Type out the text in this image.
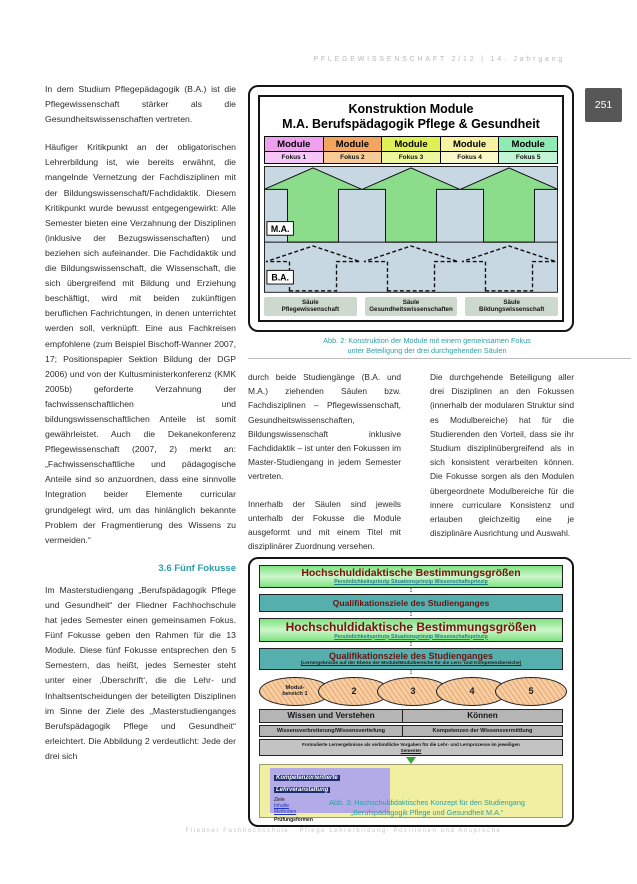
PFLEGEWISSENSCHAFT 2/12 | 14. Jahrgang
251

In dem Studium Pflegepädagogik (B.A.) ist die Pflegewissenschaft stärker als die Gesundheitswissenschaften vertreten.

Häufiger Kritikpunkt an der obligatorischen Lehrerbildung ist, wie bereits erwähnt, die mangelnde Vernetzung der Fachdisziplinen mit der Bildungswissenschaft/Fachdidaktik. Diesem Kritikpunkt wurde bewusst entgegengewirkt: Alle Semester bieten eine Verzahnung der Disziplinen (inklusive der Bezugswissenschaften) und beziehen sich aufeinander. Die Fachdidaktik und die Bildungswissenschaft, die Wissenschaft, die sich übergreifend mit Bildung und Erziehung beschäftigt, wird mit beiden zukünftigen beruflichen Fachrichtungen, in denen unterrichtet werden soll, verknüpft. Eine aus Fachkreisen empfohlene (zum Beispiel Bischoff-Wanner 2007, 17; Positionspapier Sektion Bildung der DGP 2006) und von der Kultusministerkonferenz (KMK 2005b) geforderte Verzahnung der fachwissenschaftlichen und bildungswissenschaftlichen Anteile ist somit gewährleistet. Auch die Dekanekonferenz Pflegewissenschaft (2007, 2) merkt an: „Fachwissenschaftliche und pädagogische Anteile sind so anzuordnen, dass eine sinnvolle Integration beider Elemente curricular grundgelegt wird, um das hinlänglich bekannte Problem der Fragmentierung des Wissens zu vermeiden.“

3.6 Fünf Fokusse

Im Masterstudiengang „Berufspädagogik Pflege und Gesundheit“ der Fliedner Fachhochschule hat jedes Semester einen gemeinsamen Fokus. Fünf Fokusse geben den Rahmen für die 13 Module. Diese fünf Fokusse entsprechen den 5 Semestern, das heißt, jedes Semester steht unter einer ‚Überschrift‘, die die Lehr- und Inhaltsentscheidungen der beteiligten Disziplinen im Sinne der Ziele des „Masterstudienganges Berufspädagogik Pflege und Gesundheit“ erleichtert. Die Abbildung 2 verdeutlicht: Jede der drei sich

Konstruktion Module
M.A. Berufspädagogik Pflege & Gesundheit
Module
Fokus 1
Module
Fokus 2
Module
Fokus 3
Module
Fokus 4
Module
Fokus 5
M.A.
B.A.
Säule
Pflegewissenschaft
Säule
Gesundheitswissenschaften
Säule
Bildungswissenschaft
Abb. 2: Konstruktion der Module mit einem gemeinsamen Fokus
unter Beteiligung der drei durchgehenden Säulen

durch beide Studiengänge (B.A. und M.A.) ziehenden Säulen bzw. Fachdisziplinen – Pflegewissenschaft, Gesundheitswissenschaften, Bildungswissenschaft inklusive Fachdidaktik – ist unter den Fokussen im Master-Studiengang in jedem Semester vertreten.

Innerhalb der Säulen sind jeweils unterhalb der Fokusse die Module ausgeformt und mit einem Titel mit disziplinärer Zuordnung versehen.

Die durchgehende Beteiligung aller drei Disziplinen an den Fokussen (innerhalb der modularen Struktur sind es Modulbereiche) hat für die Studierenden den Vorteil, dass sie ihr Studium disziplinübergreifend als in sich konsistent verarbeiten können. Die Fokusse sorgen als den Modulen übergeordnete Modulbereiche für die innere curriculare Konsistenz und erlauben gleichzeitig eine je disziplinäre Ausrichtung und Auswahl.

Hochschuldidaktische Bestimmungsgrößen
Persönlichkeitsprinzip Situationsprinzip Wissenschaftsprinzip
↕
Qualifikationsziele des Studienganges
↕
Hochschuldidaktische Bestimmungsgrößen
Persönlichkeitsprinzip Situationsprinzip Wissenschaftsprinzip
↕
Qualifikationsziele des Studienganges
(Lernergebnisse auf der Ebene der Module/Modulbereiche für die Lern- und Kompetenzbereiche)
↕
Modul-
bereich 1	2	3	4	5
Wissen und Verstehen	Können
Wissensverbreiterung/Wissensvertiefung	Kompetenzen der Wissensvermittlung
Formulierte Lernergebnisse als verbindliche Vorgaben für die Lehr- und Lernprozesse im jeweiligen
Semester
Kompetenzorientierte
Lehrveranstaltung
Ziele
Inhalte
Methoden
Prüfungsformen
Abb. 3: Hochschuldidaktisches Konzept für den Studiengang
„Berufspädagogik Pflege und Gesundheit M.A.“
Fliedner Fachhochschule · Pflege Lehrerbildung: Positionen und Ansprüche
